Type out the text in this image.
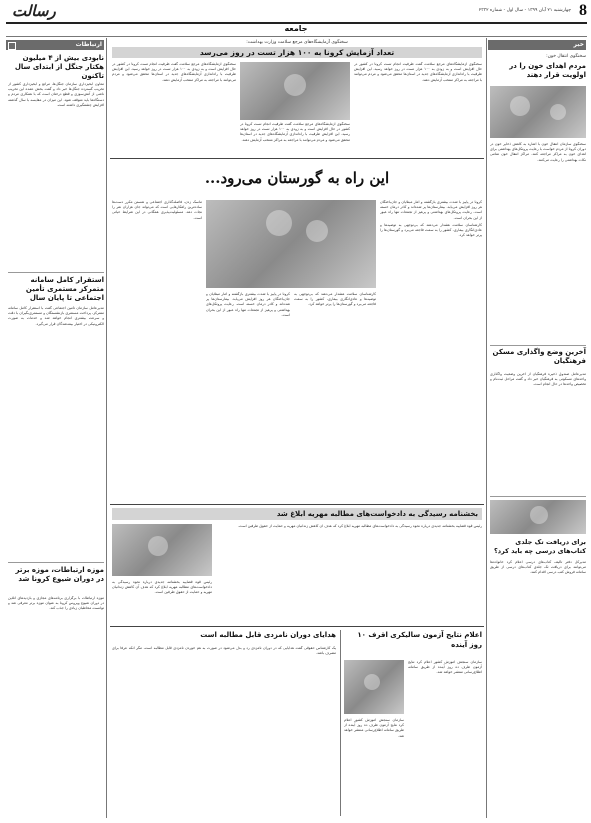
8
چهارشنبه ۲۱ آبان ۱۳۹۹ - سال اول - شماره ۲۳۳۲
رسالت
جامعه
ارتباطات
نابودی بیش از ۴ میلیون هکتار جنگل از ابتدای سال تاکنون

معاون آبخیزداری سازمان جنگل‌ها، مراتع و آبخیزداری کشور از تخریب گسترده جنگل‌ها خبر داد و گفت بخش عمده این تخریب ناشی از آتش‌سوزی و قطع درختان است که با همکاری مردم و دستگاه‌ها باید متوقف شود. این میزان در مقایسه با سال گذشته افزایش چشمگیری داشته است.

استقرار کامل سامانه متمرکز مستمری تأمین اجتماعی تا پایان سال

مدیرعامل سازمان تأمین اجتماعی گفت با استقرار کامل سامانه متمرکز، پرداخت مستمری بازنشستگان و مستمری‌بگیران با دقت و سرعت بیشتری انجام خواهد شد و خدمات به صورت الکترونیکی در اختیار بیمه‌شدگان قرار می‌گیرد.

موزه ارتباطات، موزه برتر در دوران شیوع کرونا شد

موزه ارتباطات با برگزاری برنامه‌های مجازی و بازدیدهای آنلاین در دوران شیوع ویروس کرونا به عنوان موزه برتر معرفی شد و توانست مخاطبان زیادی را جذب کند.

خبر
سخنگوی انتقال خون:
مردم اهدای خون را در اولویت قرار دهند

سخنگوی سازمان انتقال خون با اشاره به کاهش ذخایر خون در دوران کرونا از مردم خواست با رعایت پروتکل‌های بهداشتی برای اهدای خون به مراکز مراجعه کنند. مراکز انتقال خون تمامی نکات بهداشتی را رعایت می‌کنند.

آخرین وضع واگذاری مسکن فرهنگیان

مدیرعامل صندوق ذخیره فرهنگیان از آخرین وضعیت واگذاری واحدهای مسکونی به فرهنگیان خبر داد و گفت مراحل ثبت‌نام و تخصیص واحدها در حال انجام است.

برای دریافت تک جلدی کتاب‌های درسی چه باید کرد؟

مدیرکل دفتر تألیف کتاب‌های درسی اعلام کرد خانواده‌ها می‌توانند برای دریافت تک جلدی کتاب‌های درسی از طریق سامانه فروش کتب درسی اقدام کنند.

سخنگوی آزمایشگاه‌های مرجع سلامت وزارت بهداشت:
تعداد آزمایش کرونا به ۱۰۰ هزار تست در روز می‌رسد

سخنگوی آزمایشگاه‌های مرجع سلامت گفت ظرفیت انجام تست کرونا در کشور در حال افزایش است و به زودی به ۱۰۰ هزار تست در روز خواهد رسید. این افزایش ظرفیت با راه‌اندازی آزمایشگاه‌های جدید در استان‌ها محقق می‌شود و مردم می‌توانند با مراجعه به مراکز منتخب آزمایش دهند.

سخنگوی آزمایشگاه‌های مرجع سلامت گفت ظرفیت انجام تست کرونا در کشور در حال افزایش است و به زودی به ۱۰۰ هزار تست در روز خواهد رسید. این افزایش ظرفیت با راه‌اندازی آزمایشگاه‌های جدید در استان‌ها محقق می‌شود و مردم می‌توانند با مراجعه به مراکز منتخب آزمایش دهند.

سخنگوی آزمایشگاه‌های مرجع سلامت گفت ظرفیت انجام تست کرونا در کشور در حال افزایش است و به زودی به ۱۰۰ هزار تست در روز خواهد رسید. این افزایش ظرفیت با راه‌اندازی آزمایشگاه‌های جدید در استان‌ها محقق می‌شود و مردم می‌توانند با مراجعه به مراکز منتخب آزمایش دهند.

این راه به گورستان می‌رود...

کرونا در پاییز با شدت بیشتری بازگشته و آمار مبتلایان و جان‌باختگان هر روز افزایش می‌یابد. بیمارستان‌ها پر شده‌اند و کادر درمان خسته است. رعایت پروتکل‌های بهداشتی و پرهیز از تجمعات تنها راه عبور از این بحران است.

کارشناسان سلامت هشدار می‌دهند که بی‌توجهی به توصیه‌ها و عادی‌انگاری بیماری، کشور را به سمت فاجعه می‌برد و گورستان‌ها را پرتر خواهد کرد.

ماسک زدن، فاصله‌گذاری اجتماعی و شستن مکرر دست‌ها ساده‌ترین راهکارهایی است که می‌تواند جان هزاران نفر را نجات دهد. مسئولیت‌پذیری همگانی در این شرایط حیاتی است.

کرونا در پاییز با شدت بیشتری بازگشته و آمار مبتلایان و جان‌باختگان هر روز افزایش می‌یابد. بیمارستان‌ها پر شده‌اند و کادر درمان خسته است. رعایت پروتکل‌های بهداشتی و پرهیز از تجمعات تنها راه عبور از این بحران است.

کارشناسان سلامت هشدار می‌دهند که بی‌توجهی به توصیه‌ها و عادی‌انگاری بیماری، کشور را به سمت فاجعه می‌برد و گورستان‌ها را پرتر خواهد کرد.

بخشنامه رسیدگی به دادخواست‌های مطالبه مهریه ابلاغ شد

رئیس قوه قضاییه بخشنامه جدیدی درباره نحوه رسیدگی به دادخواست‌های مطالبه مهریه ابلاغ کرد که هدف آن کاهش زندانیان مهریه و حمایت از حقوق طرفین است.

رئیس قوه قضاییه بخشنامه جدیدی درباره نحوه رسیدگی به دادخواست‌های مطالبه مهریه ابلاغ کرد که هدف آن کاهش زندانیان مهریه و حمایت از حقوق طرفین است.

هدایای دوران نامزدی قابل مطالبه است

یک کارشناس حقوقی گفت هدایایی که در دوران نامزدی رد و بدل می‌شود در صورت به هم خوردن نامزدی قابل مطالبه است، مگر آنکه عرفاً برای مصرف باشد.

اعلام نتایج آزمون سالیکری اقرف ۱۰ روز آینده

سازمان سنجش آموزش کشور اعلام کرد نتایج آزمون ظرف ده روز آینده از طریق سامانه اطلاع‌رسانی منتشر خواهد شد.

سازمان سنجش آموزش کشور اعلام کرد نتایج آزمون ظرف ده روز آینده از طریق سامانه اطلاع‌رسانی منتشر خواهد شد.
